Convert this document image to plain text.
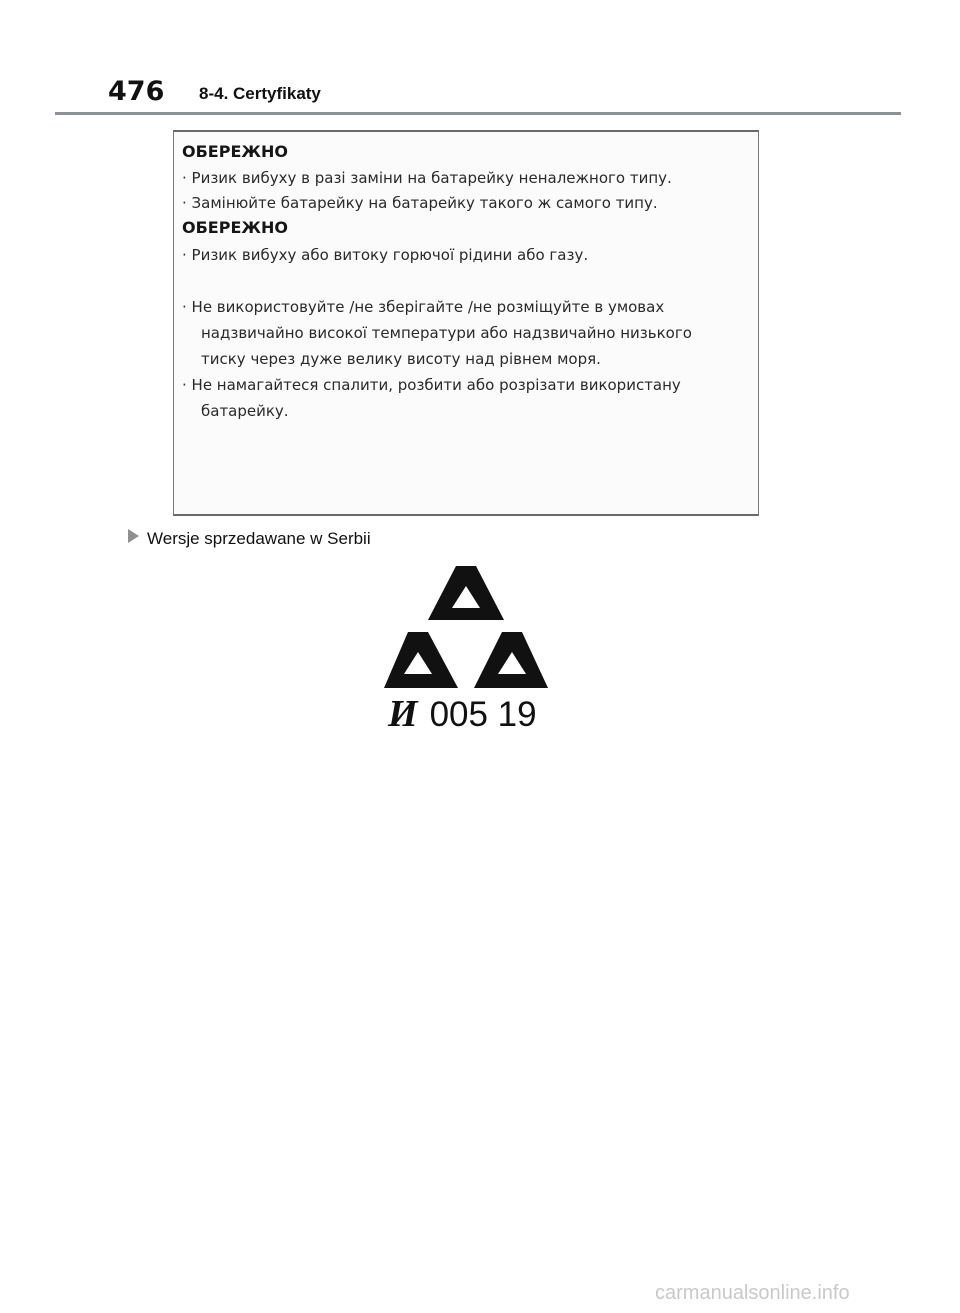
476 8-4. Certyfikaty
ОБЕРЕЖНО
· Ризик вибуху в разі заміни на батарейку неналежного типу.
· Замінюйте батарейку на батарейку такого ж самого типу.
ОБЕРЕЖНО
· Ризик вибуху або витоку горючої рідини або газу.
· Не використовуйте /не зберігайте /не розміщуйте в умовах
надзвичайно високої температури або надзвичайно низького
тиску через дуже велику висоту над рівнем моря.
· Не намагайтеся спалити, розбити або розрізати використану
батарейку.
Wersje sprzedawane w Serbii
И 005 19
carmanualsonline.info
